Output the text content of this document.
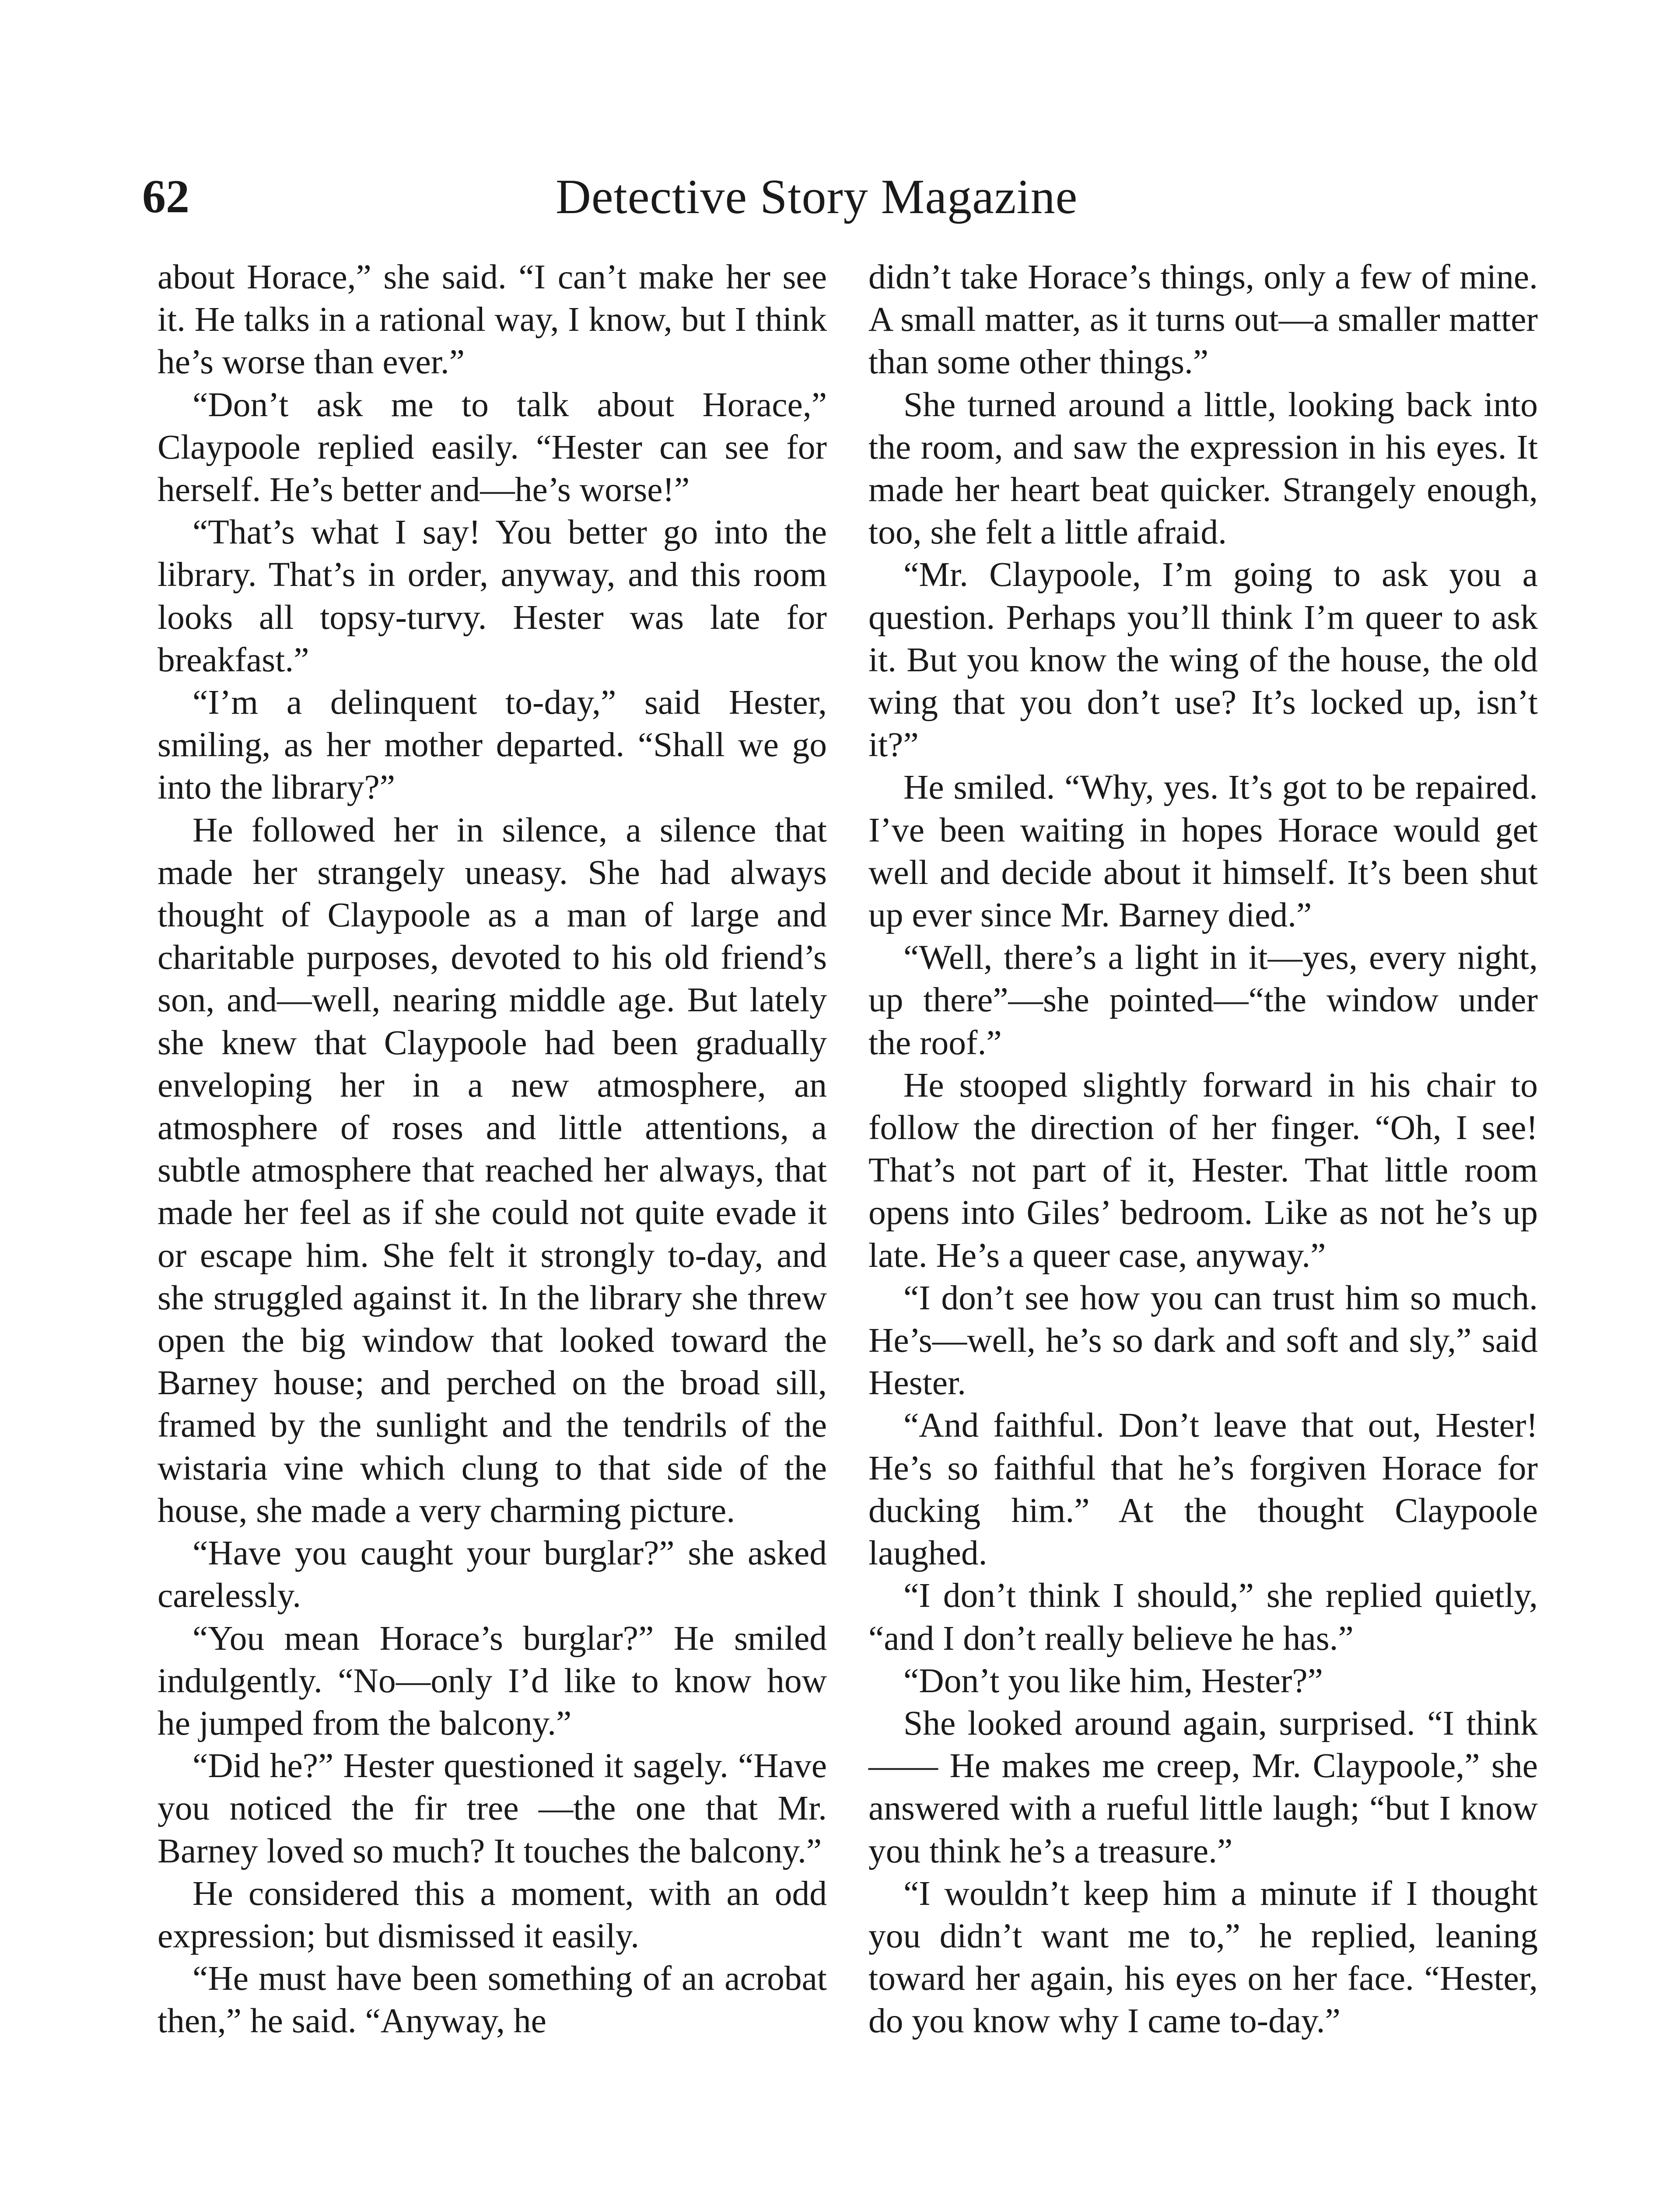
62	Detective Story Magazine

about Horace,” she said. “I can’t make her see it. He talks in a rational way, I know, but I think he’s worse than ever.”

“Don’t ask me to talk about Horace,” Claypoole replied easily. “Hester can see for herself. He’s better and—he’s worse!”

“That’s what I say! You better go into the library. That’s in order, anyway, and this room looks all topsy-turvy. Hester was late for breakfast.”

“I’m a delinquent to-day,” said Hester, smiling, as her mother departed. “Shall we go into the library?”

He followed her in silence, a silence that made her strangely uneasy. She had always thought of Claypoole as a man of large and charitable purposes, devoted to his old friend’s son, and—well, nearing middle age. But lately she knew that Claypoole had been gradually enveloping her in a new atmosphere, an atmosphere of roses and little attentions, a subtle atmosphere that reached her always, that made her feel as if she could not quite evade it or escape him. She felt it strongly to-day, and she struggled against it. In the library she threw open the big window that looked toward the Barney house; and perched on the broad sill, framed by the sunlight and the tendrils of the wistaria vine which clung to that side of the house, she made a very charming picture.

“Have you caught your burglar?” she asked carelessly.

“You mean Horace’s burglar?” He smiled indulgently. “No—only I’d like to know how he jumped from the balcony.”

“Did he?” Hester questioned it sagely. “Have you noticed the fir tree —the one that Mr. Barney loved so much? It touches the balcony.”

He considered this a moment, with an odd expression; but dismissed it easily.

“He must have been something of an acrobat then,” he said. “Anyway, he

didn’t take Horace’s things, only a few of mine. A small matter, as it turns out—a smaller matter than some other things.”

She turned around a little, looking back into the room, and saw the expression in his eyes. It made her heart beat quicker. Strangely enough, too, she felt a little afraid.

“Mr. Claypoole, I’m going to ask you a question. Perhaps you’ll think I’m queer to ask it. But you know the wing of the house, the old wing that you don’t use? It’s locked up, isn’t it?”

He smiled. “Why, yes. It’s got to be repaired. I’ve been waiting in hopes Horace would get well and decide about it himself. It’s been shut up ever since Mr. Barney died.”

“Well, there’s a light in it—yes, every night, up there”—she pointed—“the window under the roof.”

He stooped slightly forward in his chair to follow the direction of her finger. “Oh, I see! That’s not part of it, Hester. That little room opens into Giles’ bedroom. Like as not he’s up late. He’s a queer case, anyway.”

“I don’t see how you can trust him so much. He’s—well, he’s so dark and soft and sly,” said Hester.

“And faithful. Don’t leave that out, Hester! He’s so faithful that he’s forgiven Horace for ducking him.” At the thought Claypoole laughed.

“I don’t think I should,” she replied quietly, “and I don’t really believe he has.”

“Don’t you like him, Hester?”

She looked around again, surprised. “I think—— He makes me creep, Mr. Claypoole,” she answered with a rueful little laugh; “but I know you think he’s a treasure.”

“I wouldn’t keep him a minute if I thought you didn’t want me to,” he replied, leaning toward her again, his eyes on her face. “Hester, do you know why I came to-day.”
